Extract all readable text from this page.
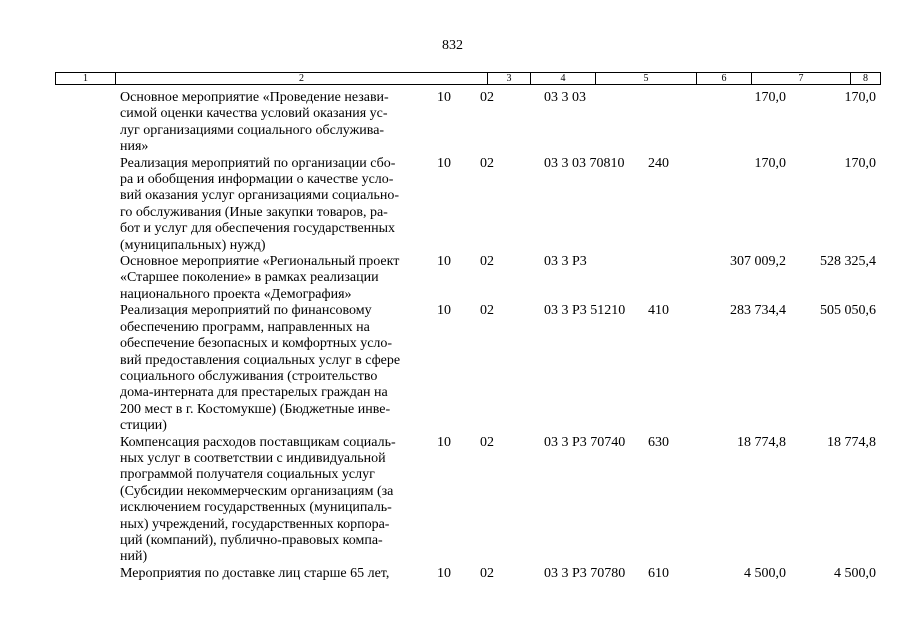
832
1	2	3	4	5	6	7	8
Основное мероприятие «Проведение незави-
симой оценки качества условий оказания ус-
луг организациями социального обслужива-
ния»
10 02	03 3 03	170,0	170,0
Реализация мероприятий по организации сбо-
ра и обобщения информации о качестве усло-
вий оказания услуг организациями социально-
го обслуживания (Иные закупки товаров, ра-
бот и услуг для обеспечения государственных
(муниципальных) нужд)
10 02	03 3 03 70810 240	170,0	170,0
Основное мероприятие «Региональный проект
«Старшее поколение» в рамках реализации
национального проекта «Демография»
10 02	03 3 P3	307 009,2	528 325,4
Реализация мероприятий по финансовому
обеспечению программ, направленных на
обеспечение безопасных и комфортных усло-
вий предоставления социальных услуг в сфере
социального обслуживания (строительство
дома-интерната для престарелых граждан на
200 мест в г. Костомукше) (Бюджетные инве-
стиции)
10 02	03 3 P3 51210 410	283 734,4	505 050,6
Компенсация расходов поставщикам социаль-
ных услуг в соответствии с индивидуальной
программой получателя социальных услуг
(Субсидии некоммерческим организациям (за
исключением государственных (муниципаль-
ных) учреждений, государственных корпора-
ций (компаний), публично-правовых компа-
ний)
10 02	03 3 P3 70740 630	18 774,8	18 774,8
Мероприятия по доставке лиц старше 65 лет,	10 02	03 3 P3 70780 610	4 500,0	4 500,0
